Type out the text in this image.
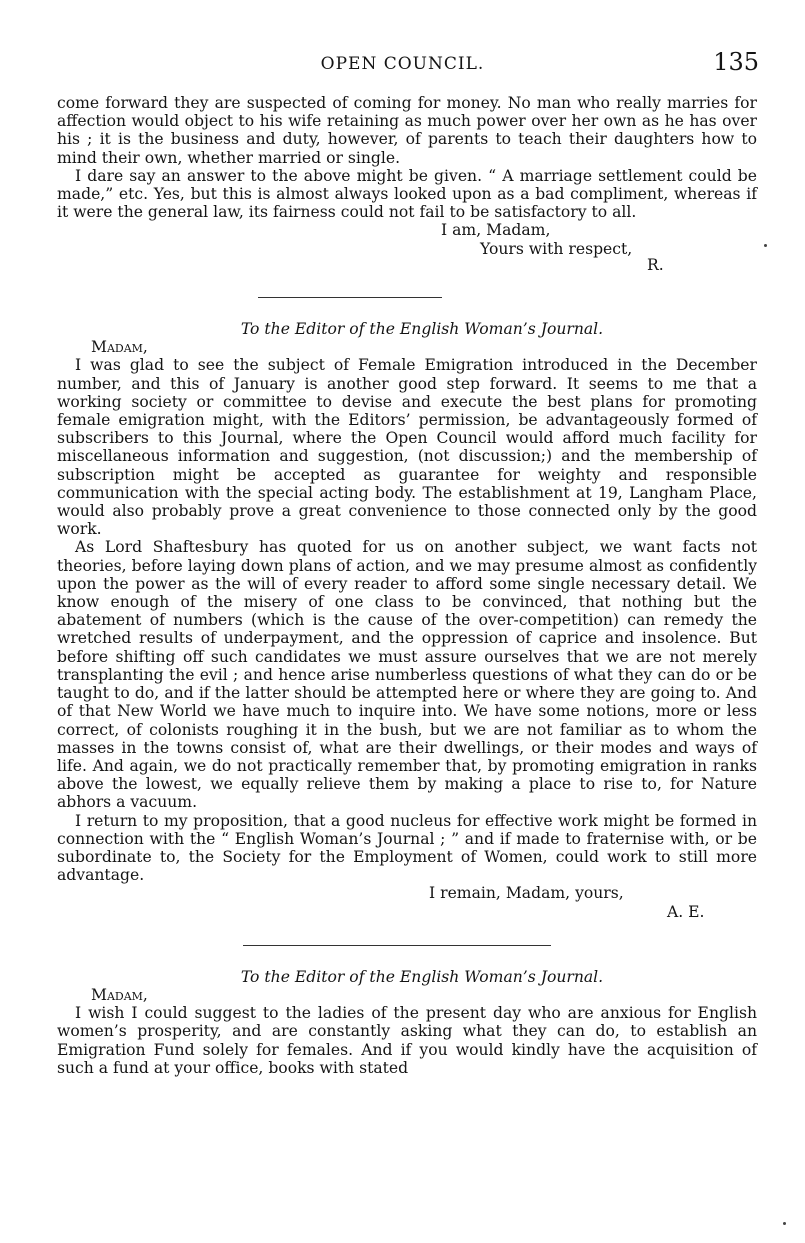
OPEN COUNCIL.	135

come forward they are suspected of coming for money. No man who really marries for affection would object to his wife retaining as much power over her own as he has over his ; it is the business and duty, however, of parents to teach their daughters how to mind their own, whether married or single.

I dare say an answer to the above might be given. “ A marriage settlement could be made,” etc. Yes, but this is almost always looked upon as a bad compliment, whereas if it were the general law, its fairness could not fail to be satisfactory to all.

I am, Madam,

Yours with respect,

R.

To the Editor of the English Woman’s Journal.

Madam,

I was glad to see the subject of Female Emigration introduced in the December number, and this of January is another good step forward. It seems to me that a working society or committee to devise and execute the best plans for promoting female emigration might, with the Editors’ permission, be advantageously formed of subscribers to this Journal, where the Open Council would afford much facility for miscellaneous information and suggestion, (not discussion;) and the membership of subscription might be accepted as guarantee for weighty and responsible communication with the special acting body. The establishment at 19, Langham Place, would also probably prove a great convenience to those connected only by the good work.

As Lord Shaftesbury has quoted for us on another subject, we want facts not theories, before laying down plans of action, and we may presume almost as confidently upon the power as the will of every reader to afford some single necessary detail. We know enough of the misery of one class to be convinced, that nothing but the abatement of numbers (which is the cause of the over-competition) can remedy the wretched results of underpayment, and the oppression of caprice and insolence. But before shifting off such candidates we must assure ourselves that we are not merely transplanting the evil ; and hence arise numberless questions of what they can do or be taught to do, and if the latter should be attempted here or where they are going to. And of that New World we have much to inquire into. We have some notions, more or less correct, of colonists roughing it in the bush, but we are not familiar as to whom the masses in the towns consist of, what are their dwellings, or their modes and ways of life. And again, we do not practically remember that, by promoting emigration in ranks above the lowest, we equally relieve them by making a place to rise to, for Nature abhors a vacuum.

I return to my proposition, that a good nucleus for effective work might be formed in connection with the “ English Woman’s Journal ; ” and if made to fraternise with, or be subordinate to, the Society for the Employment of Women, could work to still more advantage.

I remain, Madam, yours,

A. E.

To the Editor of the English Woman’s Journal.

Madam,

I wish I could suggest to the ladies of the present day who are anxious for English women’s prosperity, and are constantly asking what they can do, to establish an Emigration Fund solely for females. And if you would kindly have the acquisition of such a fund at your office, books with stated
